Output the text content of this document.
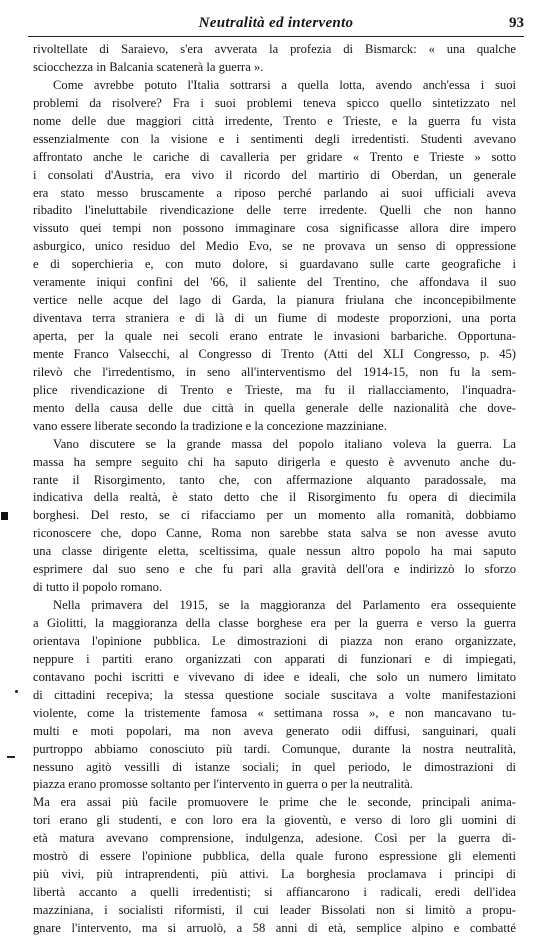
Neutralità ed intervento	93
rivoltellate di Saraievo, s'era avverata la profezia di Bismarck: « una qualche
sciocchezza in Balcania scatenerà la guerra ».
Come avrebbe potuto l'Italia sottrarsi a quella lotta, avendo anch'essa i suoi
problemi da risolvere? Fra i suoi problemi teneva spicco quello sintetizzato nel
nome delle due maggiori città irredente, Trento e Trieste, e la guerra fu vista
essenzialmente con la visione e i sentimenti degli irredentisti. Studenti avevano
affrontato anche le cariche di cavalleria per gridare « Trento e Trieste » sotto
i consolati d'Austria, era vivo il ricordo del martirio di Oberdan, un generale
era stato messo bruscamente a riposo perché parlando ai suoi ufficiali aveva
ribadito l'ineluttabile rivendicazione delle terre irredente. Quelli che non hanno
vissuto quei tempi non possono immaginare cosa significasse allora dire impero
asburgico, unico residuo del Medio Evo, se ne provava un senso di oppressione
e di soperchieria e, con muto dolore, si guardavano sulle carte geografiche i
veramente iniqui confini del '66, il saliente del Trentino, che affondava il suo
vertice nelle acque del lago di Garda, la pianura friulana che inconcepibilmente
diventava terra straniera e di là di un fiume di modeste proporzioni, una porta
aperta, per la quale nei secoli erano entrate le invasioni barbariche. Opportuna-
mente Franco Valsecchi, al Congresso di Trento (Atti del XLI Congresso, p. 45)
rilevò che l'irredentismo, in seno all'interventismo del 1914-15, non fu la sem-
plice rivendicazione di Trento e Trieste, ma fu il riallacciamento, l'inquadra-
mento della causa delle due città in quella generale delle nazionalità che dove-
vano essere liberate secondo la tradizione e la concezione mazziniane.
Vano discutere se la grande massa del popolo italiano voleva la guerra. La
massa ha sempre seguito chi ha saputo dirigerla e questo è avvenuto anche du-
rante il Risorgimento, tanto che, con affermazione alquanto paradossale, ma
indicativa della realtà, è stato detto che il Risorgimento fu opera di diecimila
borghesi. Del resto, se ci rifacciamo per un momento alla romanità, dobbiamo
riconoscere che, dopo Canne, Roma non sarebbe stata salva se non avesse avuto
una classe dirigente eletta, sceltissima, quale nessun altro popolo ha mai saputo
esprimere dal suo seno e che fu pari alla gravità dell'ora e indirizzò lo sforzo
di tutto il popolo romano.
Nella primavera del 1915, se la maggioranza del Parlamento era ossequiente
a Giolitti, la maggioranza della classe borghese era per la guerra e verso la guerra
orientava l'opinione pubblica. Le dimostrazioni di piazza non erano organizzate,
neppure i partiti erano organizzati con apparati di funzionari e di impiegati,
contavano pochi iscritti e vivevano di idee e ideali, che solo un numero limitato
di cittadini recepiva; la stessa questione sociale suscitava a volte manifestazioni
violente, come la tristemente famosa « settimana rossa », e non mancavano tu-
multi e moti popolari, ma non aveva generato odii diffusi, sanguinari, quali
purtroppo abbiamo conosciuto più tardi. Comunque, durante la nostra neutralità,
nessuno agitò vessilli di istanze sociali; in quel periodo, le dimostrazioni di
piazza erano promosse soltanto per l'intervento in guerra o per la neutralità.
Ma era assai più facile promuovere le prime che le seconde, principali anima-
tori erano gli studenti, e con loro era la gioventù, e verso di loro gli uomini di
età matura avevano comprensione, indulgenza, adesione. Così per la guerra di-
mostrò di essere l'opinione pubblica, della quale furono espressione gli elementi
più vivi, più intraprendenti, più attivi. La borghesia proclamava i principi di
libertà accanto a quelli irredentisti; si affiancarono i radicali, eredi dell'idea
mazziniana, i socialisti riformisti, il cui leader Bissolati non si limitò a propu-
gnare l'intervento, ma si arruolò, a 58 anni di età, semplice alpino e combatté
